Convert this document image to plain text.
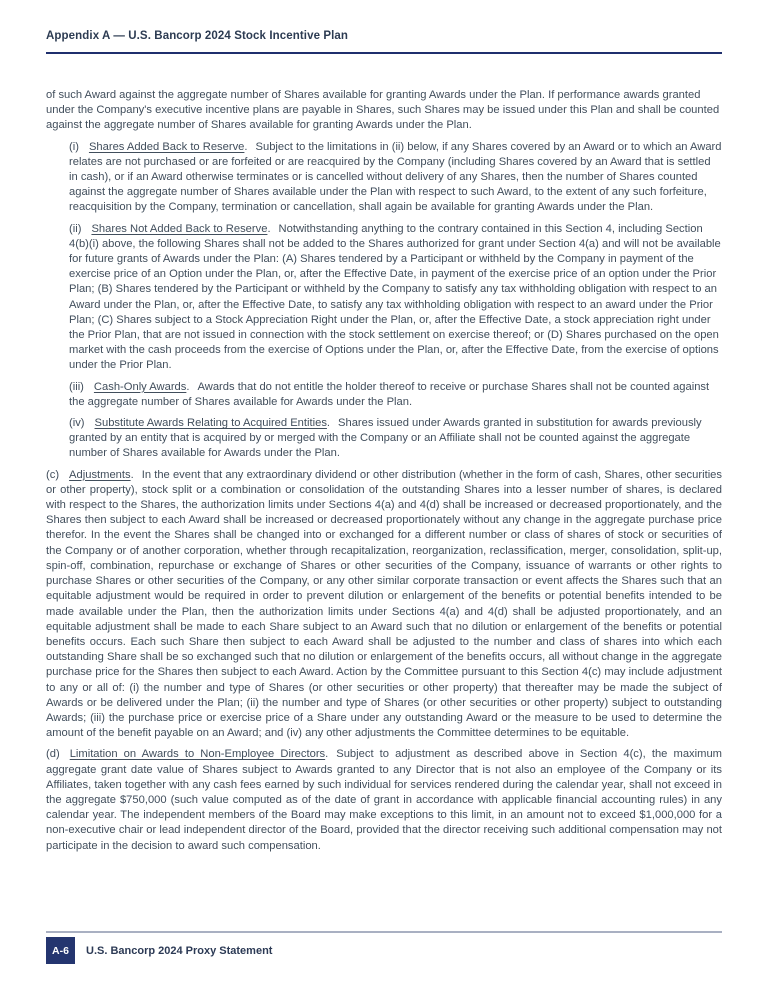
Appendix A — U.S. Bancorp 2024 Stock Incentive Plan

of such Award against the aggregate number of Shares available for granting Awards under the Plan. If performance awards granted under the Company's executive incentive plans are payable in Shares, such Shares may be issued under this Plan and shall be counted against the aggregate number of Shares available for granting Awards under the Plan.

(i) Shares Added Back to Reserve. Subject to the limitations in (ii) below, if any Shares covered by an Award or to which an Award relates are not purchased or are forfeited or are reacquired by the Company (including Shares covered by an Award that is settled in cash), or if an Award otherwise terminates or is cancelled without delivery of any Shares, then the number of Shares counted against the aggregate number of Shares available under the Plan with respect to such Award, to the extent of any such forfeiture, reacquisition by the Company, termination or cancellation, shall again be available for granting Awards under the Plan.

(ii) Shares Not Added Back to Reserve. Notwithstanding anything to the contrary contained in this Section 4, including Section 4(b)(i) above, the following Shares shall not be added to the Shares authorized for grant under Section 4(a) and will not be available for future grants of Awards under the Plan: (A) Shares tendered by a Participant or withheld by the Company in payment of the exercise price of an Option under the Plan, or, after the Effective Date, in payment of the exercise price of an option under the Prior Plan; (B) Shares tendered by the Participant or withheld by the Company to satisfy any tax withholding obligation with respect to an Award under the Plan, or, after the Effective Date, to satisfy any tax withholding obligation with respect to an award under the Prior Plan; (C) Shares subject to a Stock Appreciation Right under the Plan, or, after the Effective Date, a stock appreciation right under the Prior Plan, that are not issued in connection with the stock settlement on exercise thereof; or (D) Shares purchased on the open market with the cash proceeds from the exercise of Options under the Plan, or, after the Effective Date, from the exercise of options under the Prior Plan.

(iii) Cash-Only Awards. Awards that do not entitle the holder thereof to receive or purchase Shares shall not be counted against the aggregate number of Shares available for Awards under the Plan.

(iv) Substitute Awards Relating to Acquired Entities. Shares issued under Awards granted in substitution for awards previously granted by an entity that is acquired by or merged with the Company or an Affiliate shall not be counted against the aggregate number of Shares available for Awards under the Plan.

(c) Adjustments. In the event that any extraordinary dividend or other distribution (whether in the form of cash, Shares, other securities or other property), stock split or a combination or consolidation of the outstanding Shares into a lesser number of shares, is declared with respect to the Shares, the authorization limits under Sections 4(a) and 4(d) shall be increased or decreased proportionately, and the Shares then subject to each Award shall be increased or decreased proportionately without any change in the aggregate purchase price therefor. In the event the Shares shall be changed into or exchanged for a different number or class of shares of stock or securities of the Company or of another corporation, whether through recapitalization, reorganization, reclassification, merger, consolidation, split-up, spin-off, combination, repurchase or exchange of Shares or other securities of the Company, issuance of warrants or other rights to purchase Shares or other securities of the Company, or any other similar corporate transaction or event affects the Shares such that an equitable adjustment would be required in order to prevent dilution or enlargement of the benefits or potential benefits intended to be made available under the Plan, then the authorization limits under Sections 4(a) and 4(d) shall be adjusted proportionately, and an equitable adjustment shall be made to each Share subject to an Award such that no dilution or enlargement of the benefits or potential benefits occurs. Each such Share then subject to each Award shall be adjusted to the number and class of shares into which each outstanding Share shall be so exchanged such that no dilution or enlargement of the benefits occurs, all without change in the aggregate purchase price for the Shares then subject to each Award. Action by the Committee pursuant to this Section 4(c) may include adjustment to any or all of: (i) the number and type of Shares (or other securities or other property) that thereafter may be made the subject of Awards or be delivered under the Plan; (ii) the number and type of Shares (or other securities or other property) subject to outstanding Awards; (iii) the purchase price or exercise price of a Share under any outstanding Award or the measure to be used to determine the amount of the benefit payable on an Award; and (iv) any other adjustments the Committee determines to be equitable.

(d) Limitation on Awards to Non-Employee Directors. Subject to adjustment as described above in Section 4(c), the maximum aggregate grant date value of Shares subject to Awards granted to any Director that is not also an employee of the Company or its Affiliates, taken together with any cash fees earned by such individual for services rendered during the calendar year, shall not exceed in the aggregate $750,000 (such value computed as of the date of grant in accordance with applicable financial accounting rules) in any calendar year. The independent members of the Board may make exceptions to this limit, in an amount not to exceed $1,000,000 for a non-executive chair or lead independent director of the Board, provided that the director receiving such additional compensation may not participate in the decision to award such compensation.

A-6	U.S. Bancorp 2024 Proxy Statement
